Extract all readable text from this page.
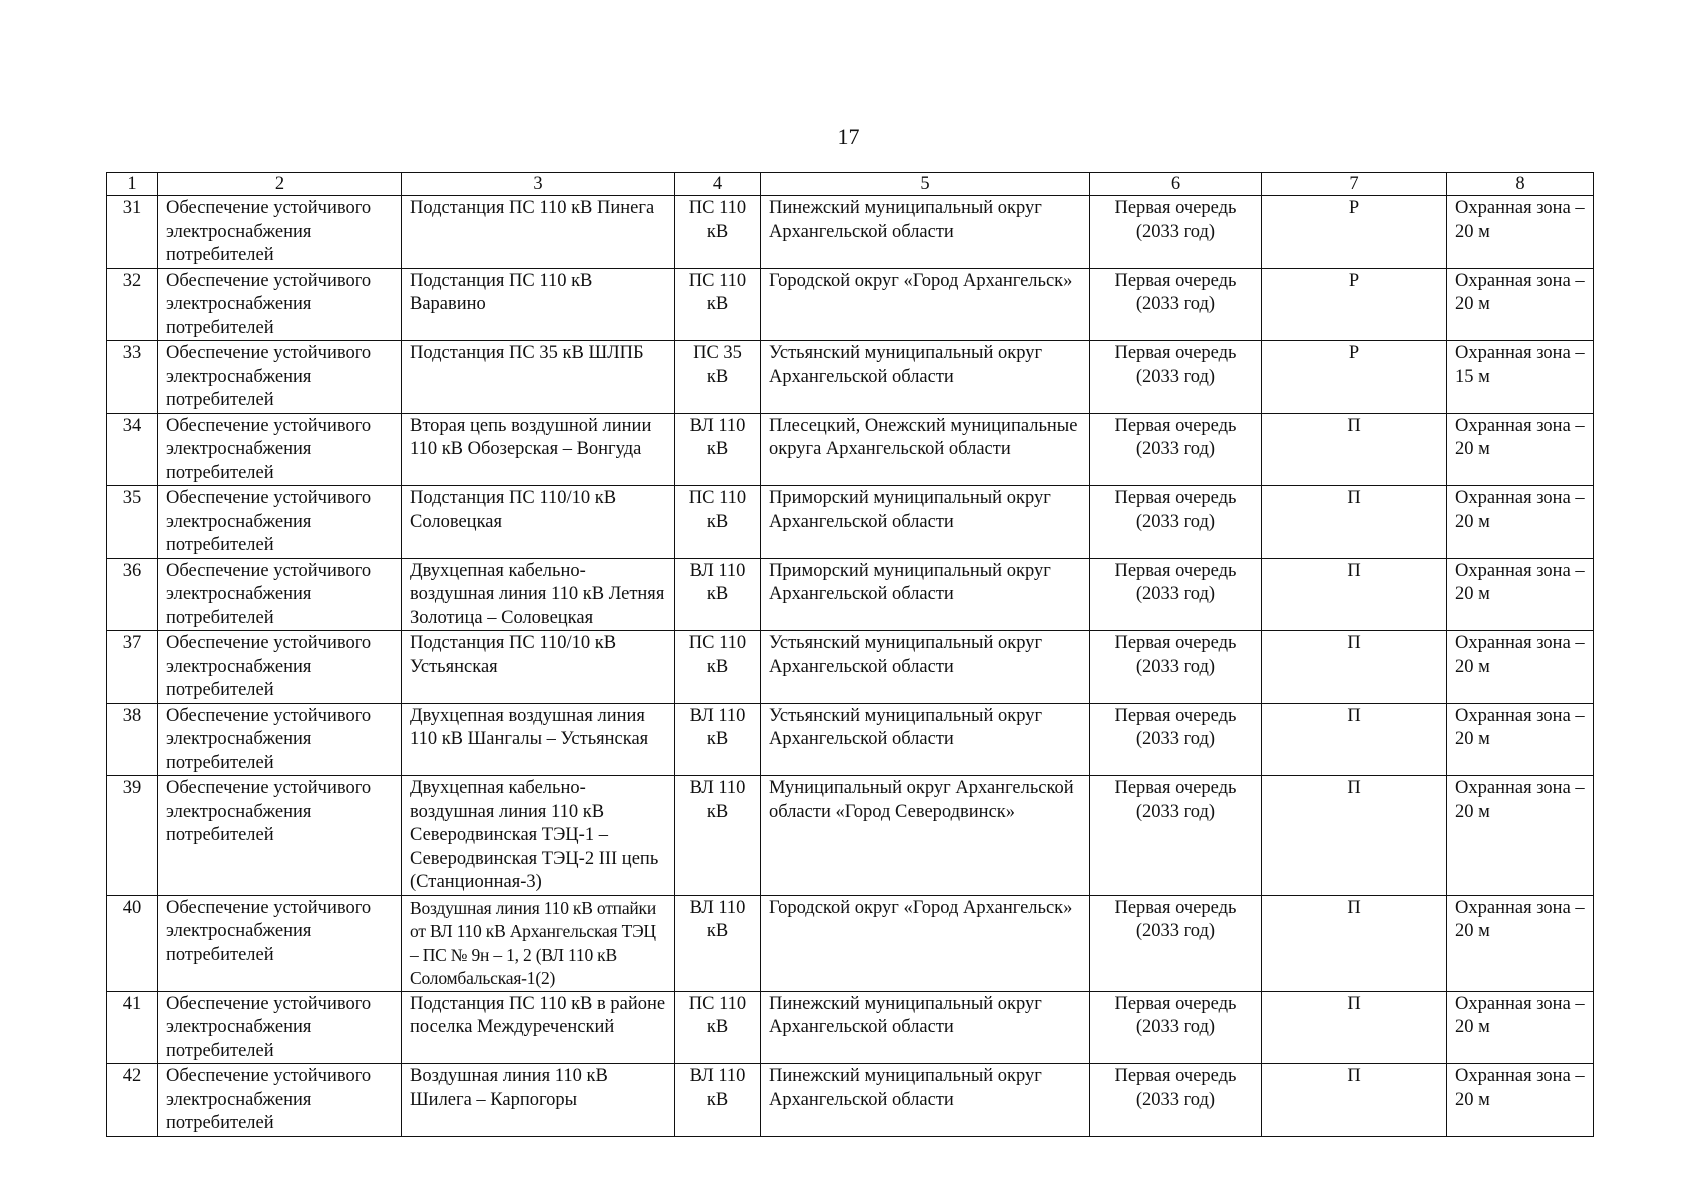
17
1	2	3	4	5	6	7	8
31	Обеспечение устойчивого электроснабжения потребителей	Подстанция ПС 110 кВ Пинега	ПС 110 кВ	Пинежский муниципальный округ Архангельской области	Первая очередь (2033 год)	Р	Охранная зона – 20 м
32	Обеспечение устойчивого электроснабжения потребителей	Подстанция ПС 110 кВ Варавино	ПС 110 кВ	Городской округ «Город Архангельск»	Первая очередь (2033 год)	Р	Охранная зона – 20 м
33	Обеспечение устойчивого электроснабжения потребителей	Подстанция ПС 35 кВ ШЛПБ	ПС 35 кВ	Устьянский муниципальный округ Архангельской области	Первая очередь (2033 год)	Р	Охранная зона – 15 м
34	Обеспечение устойчивого электроснабжения потребителей	Вторая цепь воздушной линии 110 кВ Обозерская – Вонгуда	ВЛ 110 кВ	Плесецкий, Онежский муниципальные округа Архангельской области	Первая очередь (2033 год)	П	Охранная зона – 20 м
35	Обеспечение устойчивого электроснабжения потребителей	Подстанция ПС 110/10 кВ Соловецкая	ПС 110 кВ	Приморский муниципальный округ Архангельской области	Первая очередь (2033 год)	П	Охранная зона – 20 м
36	Обеспечение устойчивого электроснабжения потребителей	Двухцепная кабельно-воздушная линия 110 кВ Летняя Золотица – Соловецкая	ВЛ 110 кВ	Приморский муниципальный округ Архангельской области	Первая очередь (2033 год)	П	Охранная зона – 20 м
37	Обеспечение устойчивого электроснабжения потребителей	Подстанция ПС 110/10 кВ Устьянская	ПС 110 кВ	Устьянский муниципальный округ Архангельской области	Первая очередь (2033 год)	П	Охранная зона – 20 м
38	Обеспечение устойчивого электроснабжения потребителей	Двухцепная воздушная линия 110 кВ Шангалы – Устьянская	ВЛ 110 кВ	Устьянский муниципальный округ Архангельской области	Первая очередь (2033 год)	П	Охранная зона – 20 м
39	Обеспечение устойчивого электроснабжения потребителей	Двухцепная кабельно-воздушная линия 110 кВ Северодвинская ТЭЦ-1 – Северодвинская ТЭЦ-2 III цепь (Станционная-3)	ВЛ 110 кВ	Муниципальный округ Архангельской области «Город Северодвинск»	Первая очередь (2033 год)	П	Охранная зона – 20 м
40	Обеспечение устойчивого электроснабжения потребителей	Воздушная линия 110 кВ отпайки от ВЛ 110 кВ Архангельская ТЭЦ – ПС № 9н – 1, 2 (ВЛ 110 кВ Соломбальская-1(2)	ВЛ 110 кВ	Городской округ «Город Архангельск»	Первая очередь (2033 год)	П	Охранная зона – 20 м
41	Обеспечение устойчивого электроснабжения потребителей	Подстанция ПС 110 кВ в районе поселка Междуреченский	ПС 110 кВ	Пинежский муниципальный округ Архангельской области	Первая очередь (2033 год)	П	Охранная зона – 20 м
42	Обеспечение устойчивого электроснабжения потребителей	Воздушная линия 110 кВ Шилега – Карпогоры	ВЛ 110 кВ	Пинежский муниципальный округ Архангельской области	Первая очередь (2033 год)	П	Охранная зона – 20 м
